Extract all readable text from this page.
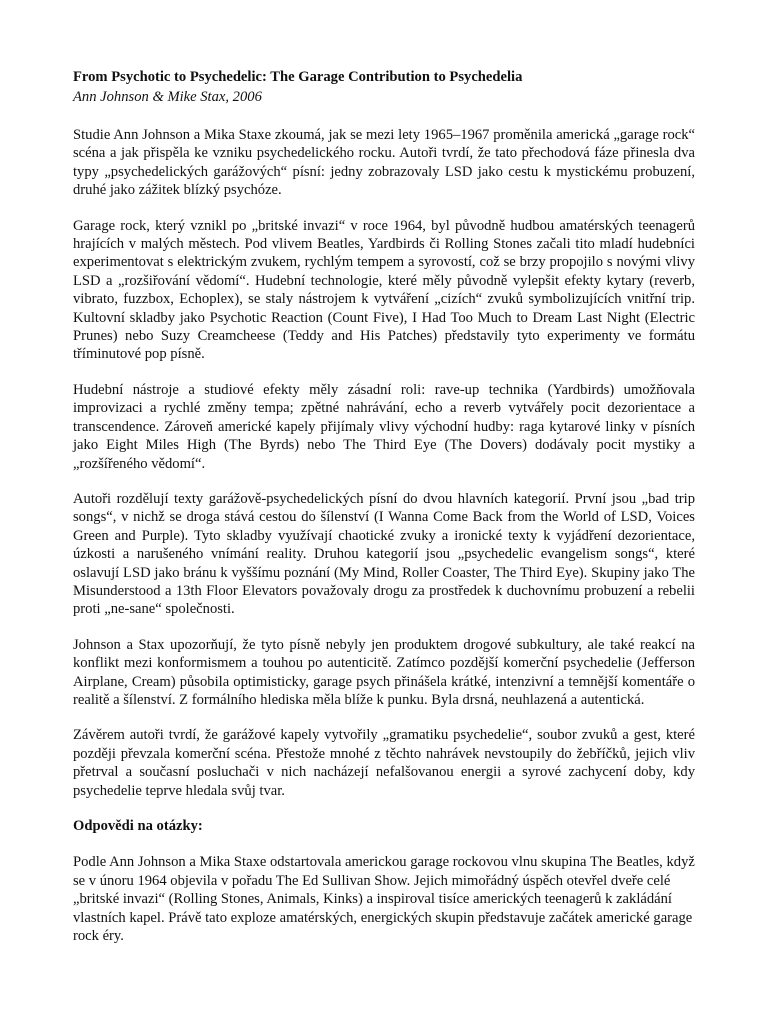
From Psychotic to Psychedelic: The Garage Contribution to Psychedelia
Ann Johnson & Mike Stax, 2006

Studie Ann Johnson a Mika Staxe zkoumá, jak se mezi lety 1965–1967 proměnila americká „garage rock“ scéna a jak přispěla ke vzniku psychedelického rocku. Autoři tvrdí, že tato přechodová fáze přinesla dva typy „psychedelických garážových“ písní: jedny zobrazovaly LSD jako cestu k mystickému probuzení, druhé jako zážitek blízký psychóze.

Garage rock, který vznikl po „britské invazi“ v roce 1964, byl původně hudbou amatérských teenagerů hrajících v malých městech. Pod vlivem Beatles, Yardbirds či Rolling Stones začali tito mladí hudebníci experimentovat s elektrickým zvukem, rychlým tempem a syrovostí, což se brzy propojilo s novými vlivy LSD a „rozšiřování vědomí“. Hudební technologie, které měly původně vylepšit efekty kytary (reverb, vibrato, fuzzbox, Echoplex), se staly nástrojem k vytváření „cizích“ zvuků symbolizujících vnitřní trip. Kultovní skladby jako Psychotic Reaction (Count Five), I Had Too Much to Dream Last Night (Electric Prunes) nebo Suzy Creamcheese (Teddy and His Patches) představily tyto experimenty ve formátu tříminutové pop písně.

Hudební nástroje a studiové efekty měly zásadní roli: rave-up technika (Yardbirds) umožňovala improvizaci a rychlé změny tempa; zpětné nahrávání, echo a reverb vytvářely pocit dezorientace a transcendence. Zároveň americké kapely přijímaly vlivy východní hudby: raga kytarové linky v písních jako Eight Miles High (The Byrds) nebo The Third Eye (The Dovers) dodávaly pocit mystiky a „rozšířeného vědomí“.

Autoři rozdělují texty garážově-psychedelických písní do dvou hlavních kategorií. První jsou „bad trip songs“, v nichž se droga stává cestou do šílenství (I Wanna Come Back from the World of LSD, Voices Green and Purple). Tyto skladby využívají chaotické zvuky a ironické texty k vyjádření dezorientace, úzkosti a narušeného vnímání reality. Druhou kategorií jsou „psychedelic evangelism songs“, které oslavují LSD jako bránu k vyššímu poznání (My Mind, Roller Coaster, The Third Eye). Skupiny jako The Misunderstood a 13th Floor Elevators považovaly drogu za prostředek k duchovnímu probuzení a rebelii proti „ne-sane“ společnosti.

Johnson a Stax upozorňují, že tyto písně nebyly jen produktem drogové subkultury, ale také reakcí na konflikt mezi konformismem a touhou po autenticitě. Zatímco pozdější komerční psychedelie (Jefferson Airplane, Cream) působila optimisticky, garage psych přinášela krátké, intenzivní a temnější komentáře o realitě a šílenství. Z formálního hlediska měla blíže k punku. Byla drsná, neuhlazená a autentická.

Závěrem autoři tvrdí, že garážové kapely vytvořily „gramatiku psychedelie“, soubor zvuků a gest, které později převzala komerční scéna. Přestože mnohé z těchto nahrávek nevstoupily do žebříčků, jejich vliv přetrval a současní posluchači v nich nacházejí nefalšovanou energii a syrové zachycení doby, kdy psychedelie teprve hledala svůj tvar.

Odpovědi na otázky:

Podle Ann Johnson a Mika Staxe odstartovala americkou garage rockovou vlnu skupina The Beatles, když se v únoru 1964 objevila v pořadu The Ed Sullivan Show. Jejich mimořádný úspěch otevřel dveře celé „britské invazi“ (Rolling Stones, Animals, Kinks) a inspiroval tisíce amerických teenagerů k zakládání vlastních kapel. Právě tato exploze amatérských, energických skupin představuje začátek americké garage rock éry.
